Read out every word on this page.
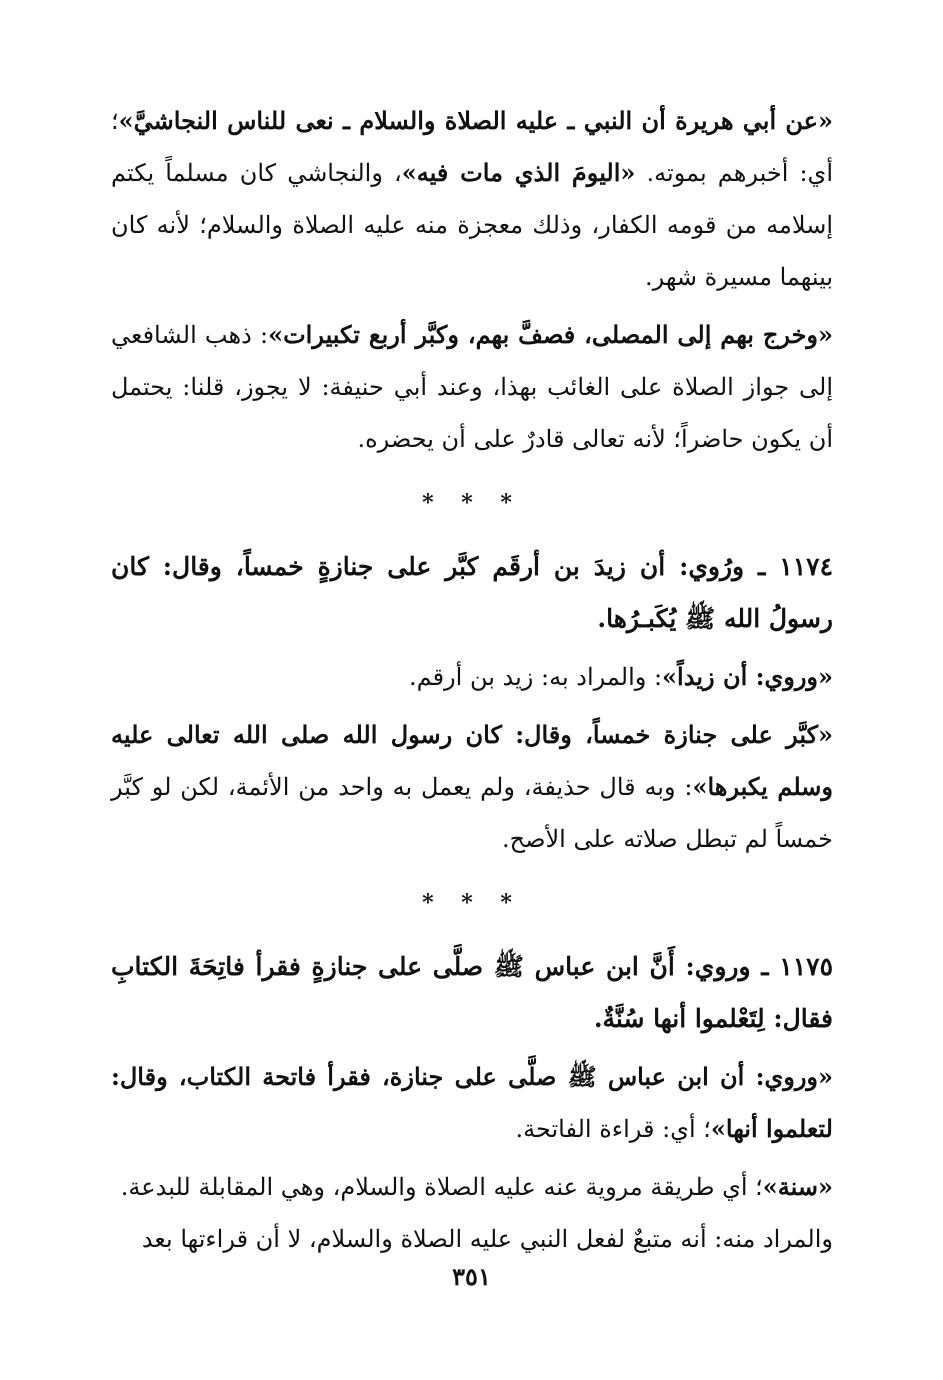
«عن أبي هريرة أن النبي ـ عليه الصلاة والسلام ـ نعى للناس النجاشيَّ»؛ أي: أخبرهم بموته. «اليومَ الذي مات فيه»، والنجاشي كان مسلماً يكتم إسلامه من قومه الكفار، وذلك معجزة منه عليه الصلاة والسلام؛ لأنه كان بينهما مسيرة شهر.

«وخرج بهم إلى المصلى، فصفَّ بهم، وكبَّر أربع تكبيرات»: ذهب الشافعي إلى جواز الصلاة على الغائب بهذا، وعند أبي حنيفة: لا يجوز، قلنا: يحتمل أن يكون حاضراً؛ لأنه تعالى قادرٌ على أن يحضره.

* * *

١١٧٤ ـ ورُوي: أن زيدَ بن أرقَم كبَّر على جنازةٍ خمساً، وقال: كان رسولُ الله ﷺ يُكَبـرُها.

«وروي: أن زيداً»: والمراد به: زيد بن أرقم.

«كبَّر على جنازة خمساً، وقال: كان رسول الله صلى الله تعالى عليه وسلم يكبرها»: وبه قال حذيفة، ولم يعمل به واحد من الأئمة، لكن لو كبَّر خمساً لم تبطل صلاته على الأصح.

* * *

١١٧٥ ـ وروي: أَنَّ ابن عباس ﷺ صلَّى على جنازةٍ فقرأ فاتِحَةَ الكتابِ فقال: لِتَعْلموا أنها سُنَّةٌ.

«وروي: أن ابن عباس ﷺ صلَّى على جنازة، فقرأ فاتحة الكتاب، وقال: لتعلموا أنها»؛ أي: قراءة الفاتحة.

«سنة»؛ أي طريقة مروية عنه عليه الصلاة والسلام، وهي المقابلة للبدعة.

والمراد منه: أنه متبعٌ لفعل النبي عليه الصلاة والسلام، لا أن قراءتها بعد

٣٥١
